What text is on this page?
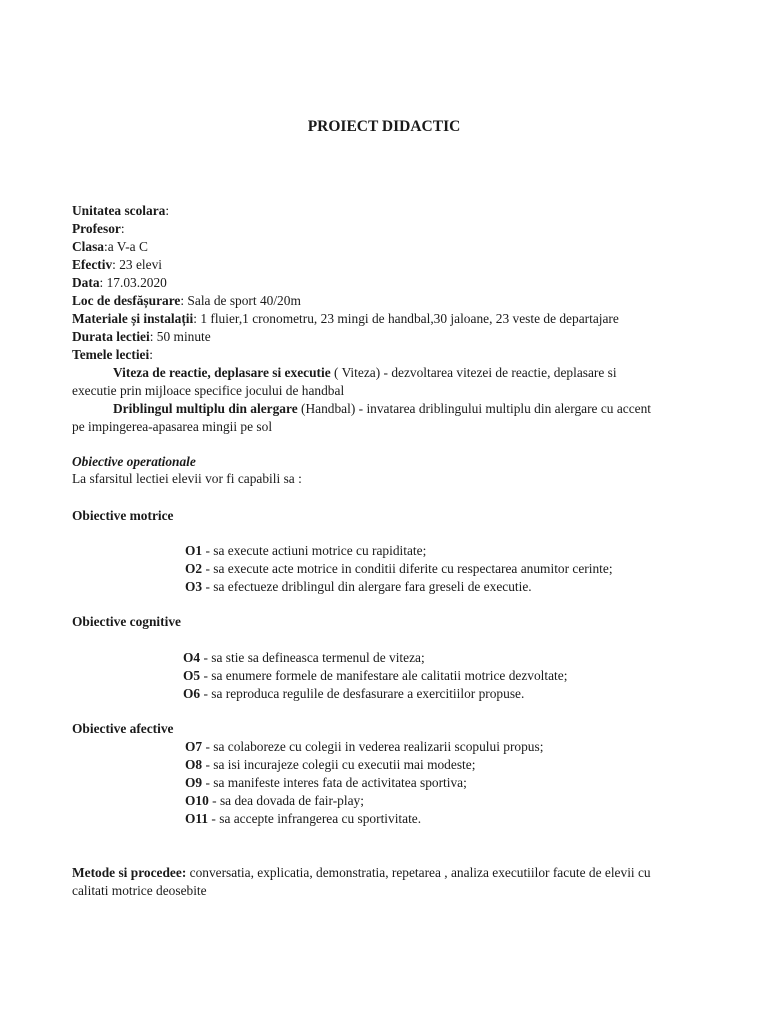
PROIECT DIDACTIC
Unitatea scolara:
Profesor:
Clasa:a V-a C
Efectiv: 23 elevi
Data: 17.03.2020
Loc de desfășurare: Sala de sport 40/20m
Materiale și instalații: 1 fluier,1 cronometru, 23 mingi de handbal,30 jaloane, 23 veste de departajare
Durata lectiei: 50 minute
Temele lectiei:
Viteza de reactie, deplasare si executie ( Viteza) - dezvoltarea vitezei de reactie, deplasare si
executie prin mijloace specifice jocului de handbal
Driblingul multiplu din alergare (Handbal) - invatarea driblingului multiplu din alergare cu accent
pe impingerea-apasarea mingii pe sol
Obiective operationale
La sfarsitul lectiei elevii vor fi capabili sa :
Obiective motrice
O1 - sa execute actiuni motrice cu rapiditate;
O2 - sa execute acte motrice in conditii diferite cu respectarea anumitor cerinte;
O3 - sa efectueze driblingul din alergare fara greseli de executie.
Obiective cognitive
O4 - sa stie sa defineasca termenul de viteza;
O5 - sa enumere formele de manifestare ale calitatii motrice dezvoltate;
O6 - sa reproduca regulile de desfasurare a exercitiilor propuse.
Obiective afective
O7 - sa colaboreze cu colegii in vederea realizarii scopului propus;
O8 - sa isi incurajeze colegii cu executii mai modeste;
O9 - sa manifeste interes fata de activitatea sportiva;
O10 - sa dea dovada de fair-play;
O11 - sa accepte infrangerea cu sportivitate.
Metode si procedee: conversatia, explicatia, demonstratia, repetarea , analiza executiilor facute de elevii cu
calitati motrice deosebite
